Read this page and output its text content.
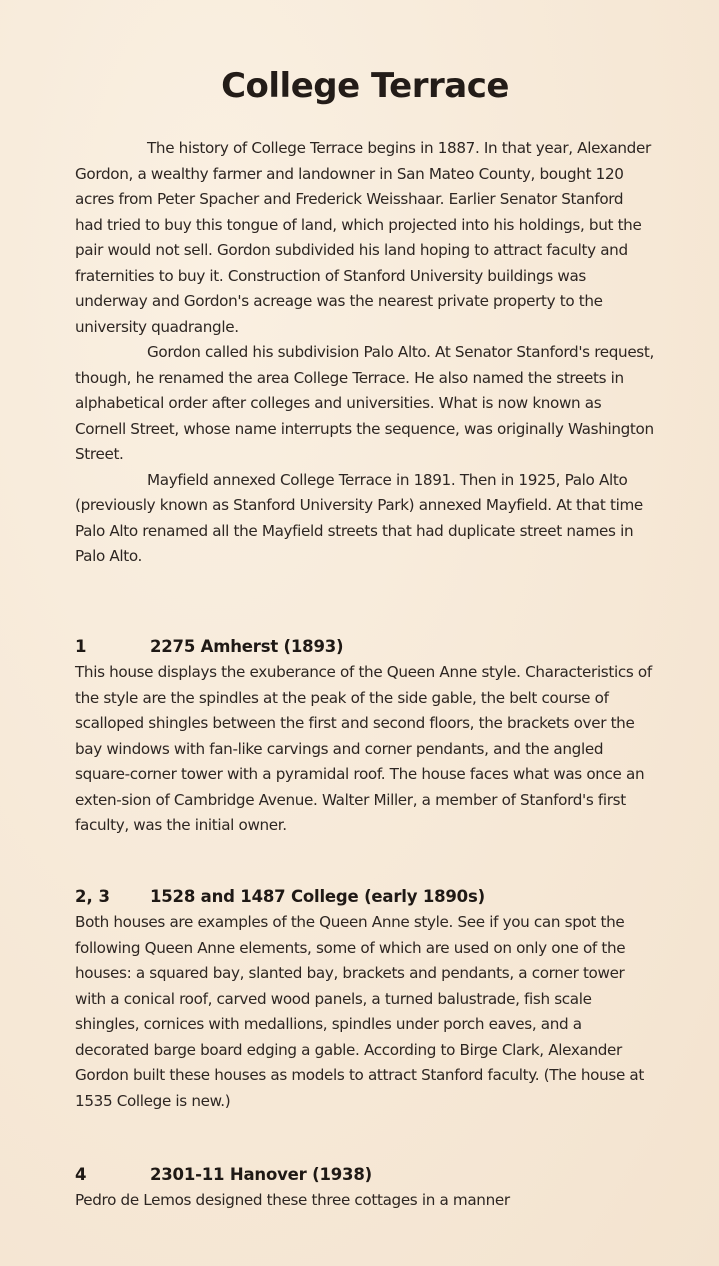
College Terrace

The history of College Terrace begins in 1887. In that year, Alexander Gordon, a wealthy farmer and landowner in San Mateo County, bought 120 acres from Peter Spacher and Frederick Weisshaar. Earlier Senator Stanford had tried to buy this tongue of land, which projected into his holdings, but the pair would not sell. Gordon subdivided his land hoping to attract faculty and fraternities to buy it. Construction of Stanford University buildings was underway and Gordon's acreage was the nearest private property to the university quadrangle.

Gordon called his subdivision Palo Alto. At Senator Stanford's request, though, he renamed the area College Terrace. He also named the streets in alphabetical order after colleges and universities. What is now known as Cornell Street, whose name interrupts the sequence, was originally Washington Street.

Mayfield annexed College Terrace in 1891. Then in 1925, Palo Alto (previously known as Stanford University Park) annexed Mayfield. At that time Palo Alto renamed all the Mayfield streets that had duplicate street names in Palo Alto.

1	2275 Amherst (1893)

This house displays the exuberance of the Queen Anne style. Characteristics of the style are the spindles at the peak of the side gable, the belt course of scalloped shingles between the first and second floors, the brackets over the bay windows with fan-like carvings and corner pendants, and the angled square-corner tower with a pyramidal roof. The house faces what was once an exten-sion of Cambridge Avenue. Walter Miller, a member of Stanford's first faculty, was the initial owner.

2, 3	1528 and 1487 College (early 1890s)

Both houses are examples of the Queen Anne style. See if you can spot the following Queen Anne elements, some of which are used on only one of the houses: a squared bay, slanted bay, brackets and pendants, a corner tower with a conical roof, carved wood panels, a turned balustrade, fish scale shingles, cornices with medallions, spindles under porch eaves, and a decorated barge board edging a gable. According to Birge Clark, Alexander Gordon built these houses as models to attract Stanford faculty. (The house at 1535 College is new.)

4	2301-11 Hanover (1938)

Pedro de Lemos designed these three cottages in a manner
